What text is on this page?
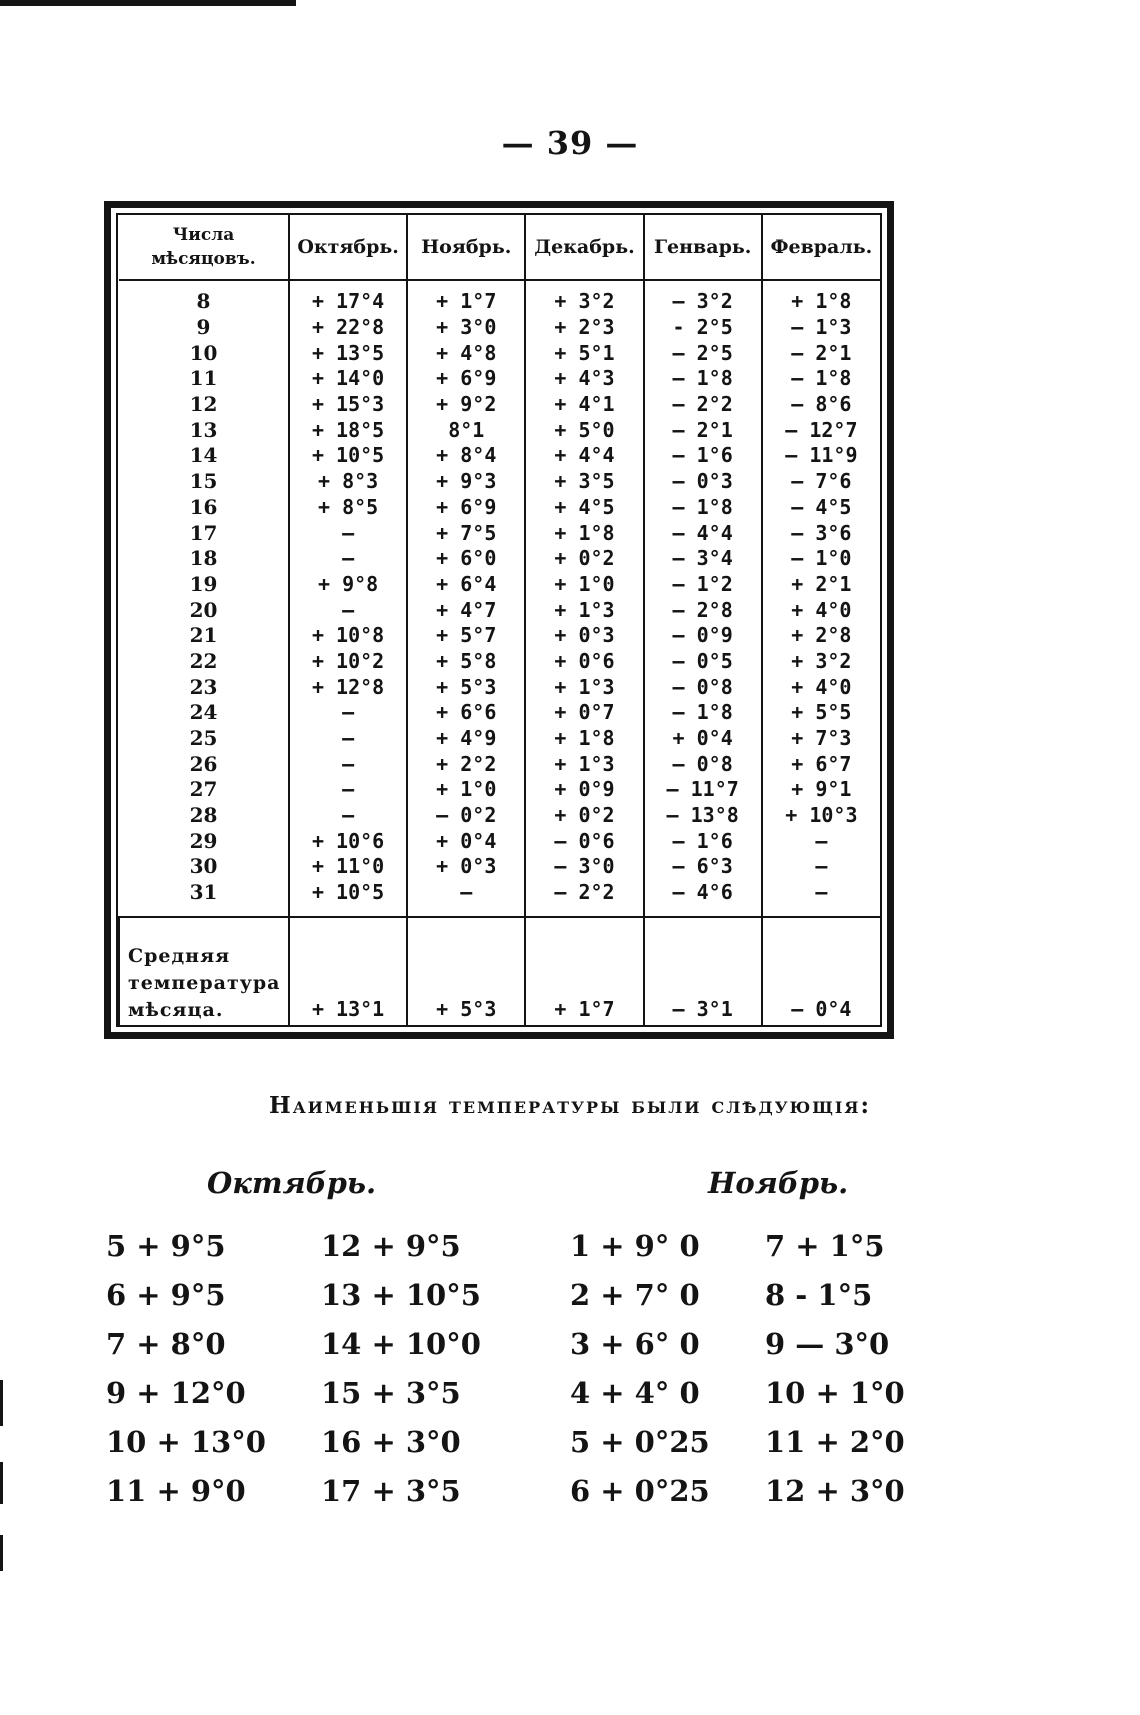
— 39 —
Числа мѣсяцовъ.	Октябрь.	Ноябрь.	Декабрь.	Генварь.	Февраль.
8	+ 17°4	+ 1°7	+ 3°2	— 3°2	+ 1°8
9	+ 22°8	+ 3°0	+ 2°3	- 2°5	— 1°3
10	+ 13°5	+ 4°8	+ 5°1	— 2°5	— 2°1
11	+ 14°0	+ 6°9	+ 4°3	— 1°8	— 1°8
12	+ 15°3	+ 9°2	+ 4°1	— 2°2	— 8°6
13	+ 18°5	8°1	+ 5°0	— 2°1	— 12°7
14	+ 10°5	+ 8°4	+ 4°4	— 1°6	— 11°9
15	+ 8°3	+ 9°3	+ 3°5	— 0°3	— 7°6
16	+ 8°5	+ 6°9	+ 4°5	— 1°8	— 4°5
17	—	+ 7°5	+ 1°8	— 4°4	— 3°6
18	—	+ 6°0	+ 0°2	— 3°4	— 1°0
19	+ 9°8	+ 6°4	+ 1°0	— 1°2	+ 2°1
20	—	+ 4°7	+ 1°3	— 2°8	+ 4°0
21	+ 10°8	+ 5°7	+ 0°3	— 0°9	+ 2°8
22	+ 10°2	+ 5°8	+ 0°6	— 0°5	+ 3°2
23	+ 12°8	+ 5°3	+ 1°3	— 0°8	+ 4°0
24	—	+ 6°6	+ 0°7	— 1°8	+ 5°5
25	—	+ 4°9	+ 1°8	+ 0°4	+ 7°3
26	—	+ 2°2	+ 1°3	— 0°8	+ 6°7
27	—	+ 1°0	+ 0°9	— 11°7	+ 9°1
28	—	— 0°2	+ 0°2	— 13°8	+ 10°3
29	+ 10°6	+ 0°4	— 0°6	— 1°6	—
30	+ 11°0	+ 0°3	— 3°0	— 6°3	—
31	+ 10°5	—	— 2°2	— 4°6	—
Средняя температура мѣсяца.	+ 13°1	+ 5°3	+ 1°7	— 3°1	— 0°4
Наименьшія температуры были слѣдующія:
Октябрь.	Ноябрь.
5 + 9°5	12 + 9°5
6 + 9°5	13 + 10°5
7 + 8°0	14 + 10°0
9 + 12°0	15 + 3°5
10 + 13°0	16 + 3°0
11 + 9°0	17 + 3°5
1 + 9° 0	7 + 1°5
2 + 7° 0	8 - 1°5
3 + 6° 0	9 — 3°0
4 + 4° 0	10 + 1°0
5 + 0°25	11 + 2°0
6 + 0°25	12 + 3°0
